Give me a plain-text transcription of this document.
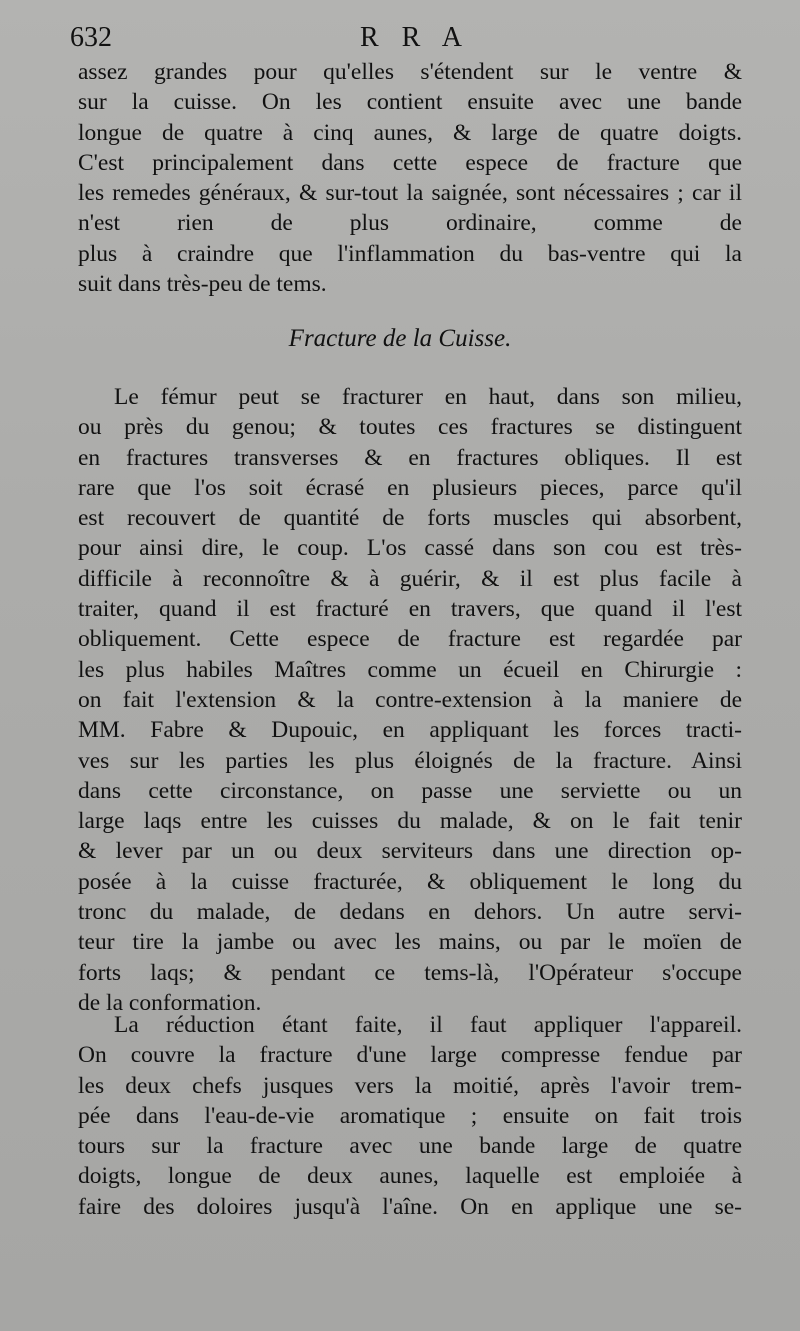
632	R R A
assez grandes pour qu'elles s'étendent sur le ventre &
sur la cuisse. On les contient ensuite avec une bande
longue de quatre à cinq aunes, & large de quatre doigts.
C'est principalement dans cette espece de fracture que
les remedes généraux, & sur-tout la saignée, sont nécessaires ; car il n'est rien de plus ordinaire, comme de
plus à craindre que l'inflammation du bas-ventre qui la
suit dans très-peu de tems.
Fracture de la Cuisse.
Le fémur peut se fracturer en haut, dans son milieu,
ou près du genou; & toutes ces fractures se distinguent
en fractures transverses & en fractures obliques. Il est
rare que l'os soit écrasé en plusieurs pieces, parce qu'il
est recouvert de quantité de forts muscles qui absorbent,
pour ainsi dire, le coup. L'os cassé dans son cou est très-
difficile à reconnoître & à guérir, & il est plus facile à
traiter, quand il est fracturé en travers, que quand il l'est
obliquement. Cette espece de fracture est regardée par
les plus habiles Maîtres comme un écueil en Chirurgie :
on fait l'extension & la contre-extension à la maniere de
MM. Fabre & Dupouic, en appliquant les forces tracti-
ves sur les parties les plus éloignés de la fracture. Ainsi
dans cette circonstance, on passe une serviette ou un
large laqs entre les cuisses du malade, & on le fait tenir
& lever par un ou deux serviteurs dans une direction op-
posée à la cuisse fracturée, & obliquement le long du
tronc du malade, de dedans en dehors. Un autre servi-
teur tire la jambe ou avec les mains, ou par le moïen de
forts laqs; & pendant ce tems-là, l'Opérateur s'occupe
de la conformation.
La réduction étant faite, il faut appliquer l'appareil.
On couvre la fracture d'une large compresse fendue par
les deux chefs jusques vers la moitié, après l'avoir trem-
pée dans l'eau-de-vie aromatique ; ensuite on fait trois
tours sur la fracture avec une bande large de quatre
doigts, longue de deux aunes, laquelle est emploiée à
faire des doloires jusqu'à l'aîne. On en applique une se-
